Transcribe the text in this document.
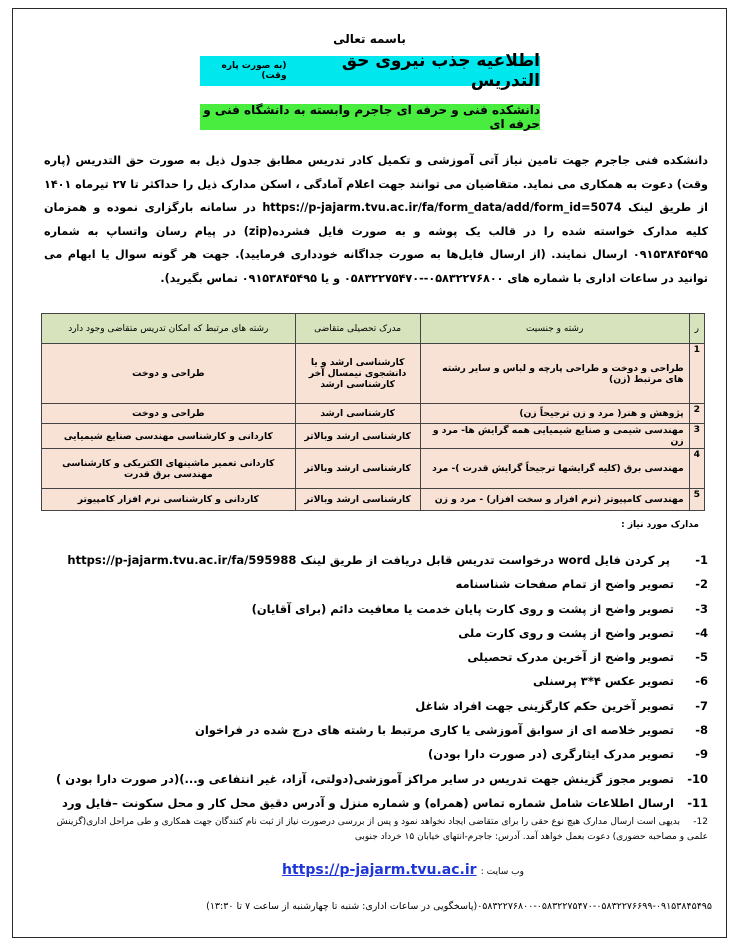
باسمه تعالی
اطلاعیه جذب نیروی حق التدریس
(به صورت پاره وقت)
دانشکده فنی و حرفه ای جاجرم وابسته به دانشگاه فنی و حرفه ای
دانشکده فنی جاجرم جهت تامین نیاز آتی آموزشی و تکمیل کادر تدریس مطابق جدول ذیل به صورت حق التدریس (پاره وقت) دعوت به همکاری می نماید. متقاضیان می توانند جهت اعلام آمادگی ، اسکن مدارک ذیل را حداکثر تا ۲۷ تیرماه ۱۴۰۱ از طریق لینک https://p-jajarm.tvu.ac.ir/fa/form_data/add/form_id=5074 در سامانه بارگزاری نموده و همزمان کلیه مدارک خواسته شده را در قالب یک پوشه و به صورت فایل فشرده(zip) در پیام رسان واتساپ به شماره ۰۹۱۵۳۸۴۵۴۹۵ ارسال نمایند. (از ارسال فایل‌ها به صورت جداگانه خودداری فرمایید). جهت هر گونه سوال یا ابهام می توانید در ساعات اداری با شماره های ۰۵۸۳۲۲۷۶۸۰۰--۰۵۸۳۲۲۷۵۴۷۰ و یا ۰۹۱۵۳۸۴۵۴۹۵ تماس بگیرید).
ر	رشته و جنسیت	مدرک تحصیلی متقاضی	رشته های مرتبط که امکان تدریس متقاضی وجود دارد
1	طراحی و دوخت و طراحی پارچه و لباس و سایر رشته های مرتبط (زن)	کارشناسی ارشد و یا دانشجوی نیمسال آخر کارشناسی ارشد	طراحی و دوخت
2	پژوهش و هنر( مرد و زن ترجیحاً زن)	کارشناسی ارشد	طراحی و دوخت
3	مهندسی شیمی و صنایع شیمیایی همه گرایش ها- مرد و زن	کارشناسی ارشد وبالاتر	کاردانی و کارشناسی مهندسی صنایع شیمیایی
4	مهندسی برق (کلیه گرایشها ترجیحاً گرایش قدرت )- مرد	کارشناسی ارشد وبالاتر	کاردانی تعمیر ماشینهای الکتریکی و کارشناسی مهندسی برق قدرت
5	مهندسی کامپیوتر (نرم افزار و سخت افزار) - مرد و زن	کارشناسی ارشد وبالاتر	کاردانی و کارشناسی نرم افزار کامپیوتر
مدارک مورد نیاز :
1- پر کردن فایل word درخواست تدریس قابل دریافت از طریق لینک https://p-jajarm.tvu.ac.ir/fa/595988
2-تصویر واضح از تمام صفحات شناسنامه
3-تصویر واضح از پشت و روی کارت پایان خدمت یا معافیت دائم (برای آقایان)
4-تصویر واضح از پشت و روی کارت ملی
5-تصویر واضح از آخرین مدرک تحصیلی
6-تصویر عکس ۴*۳ پرسنلی
7-تصویر آخرین حکم کارگزینی جهت افراد شاغل
8-تصویر خلاصه ای از سوابق آموزشی یا کاری مرتبط با رشته های درج شده در فراخوان
9-تصویر مدرک ایثارگری (در صورت دارا بودن)
10-تصویر مجوز گزینش جهت تدریس در سایر مراکز آموزشی(دولتی، آزاد، غیر انتفاعی و...)(در صورت دارا بودن )
11-ارسال اطلاعات شامل شماره تماس (همراه) و شماره منزل و آدرس دقیق محل کار و محل سکونت –فایل ورد
12-بدیهی است ارسال مدارک هیچ نوع حقی را برای متقاضی ایجاد نخواهد نمود و پس از بررسی درصورت نیاز از ثبت نام کنندگان جهت همکاری و طی مراحل اداری(گزینش علمی و مصاحبه حضوری) دعوت بعمل خواهد آمد. آدرس: جاجرم-انتهای خیابان ۱۵ خرداد جنوبی
وب سایت : https://p-jajarm.tvu.ac.ir
۰۵۸۳۲۲۷۶۸۰۰-۰۵۸۳۲۲۷۵۴۷۰-۰۵۸۳۲۲۷۶۶۹۹-۰۹۱۵۳۸۴۵۴۹۵(پاسخگویی در ساعات اداری: شنبه تا چهارشنبه از ساعت ۷ تا ۱۳:۳۰)
